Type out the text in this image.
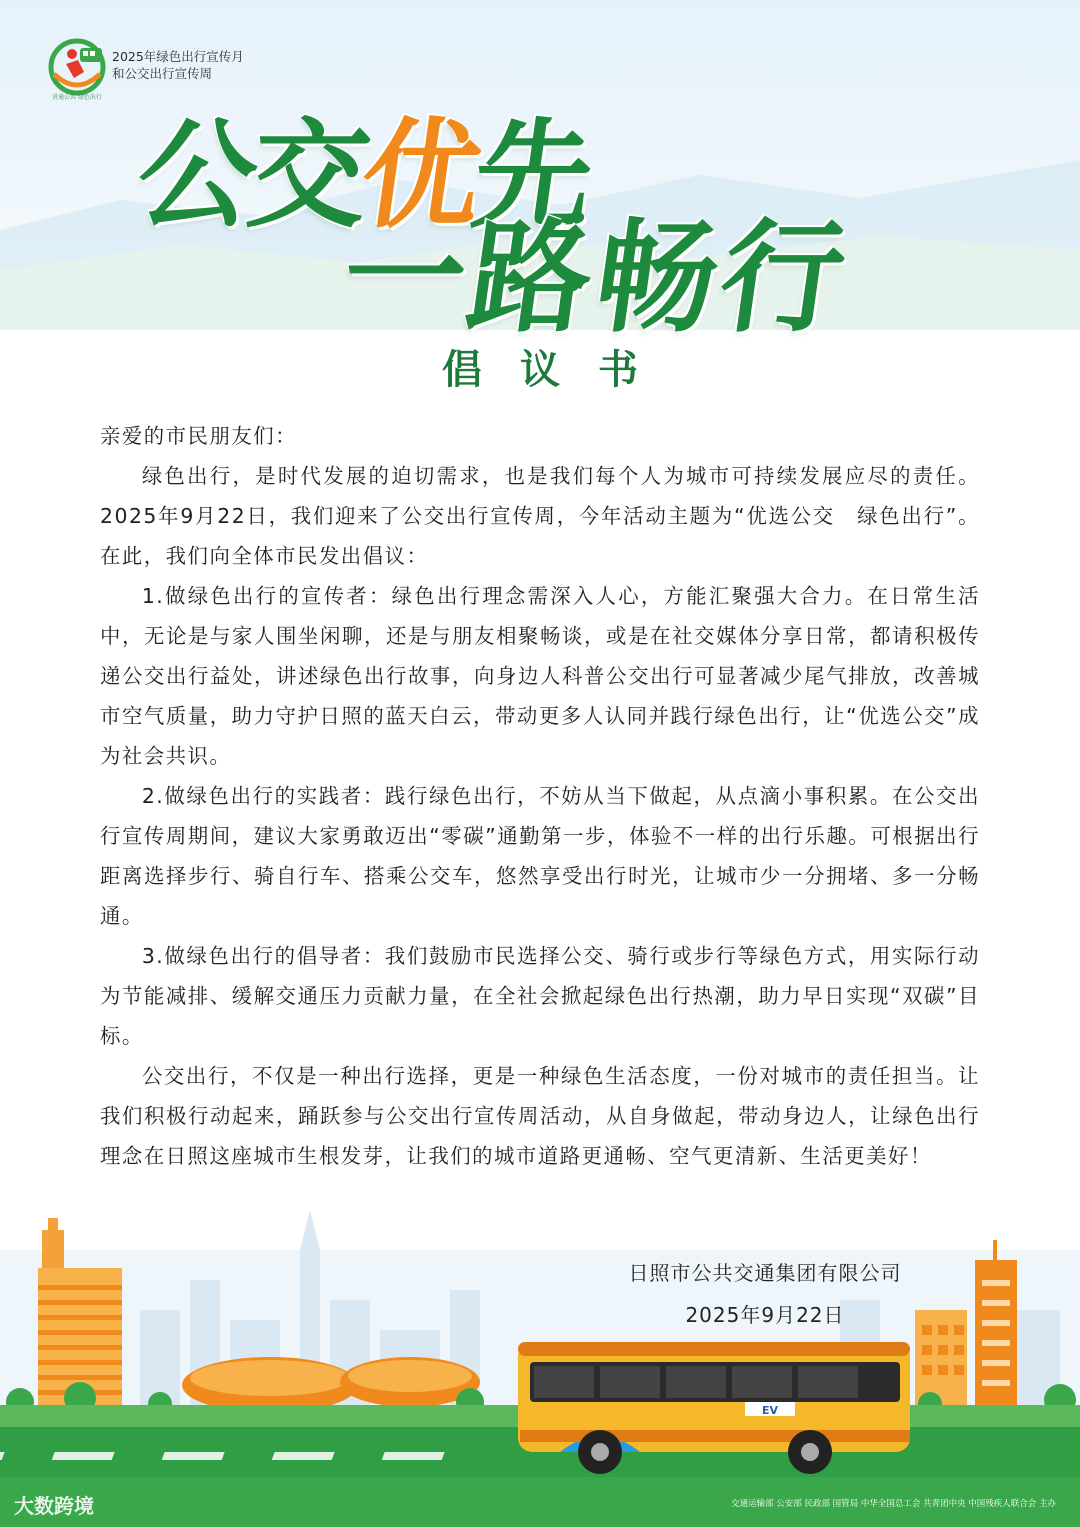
讲通公共 绿色出行
2025年绿色出行宣传月
和公交出行宣传周
公交优先
一路畅行
倡议书

亲爱的市民朋友们：

绿色出行，是时代发展的迫切需求，也是我们每个人为城市可持续发展应尽的责任。2025年9月22日，我们迎来了公交出行宣传周，今年活动主题为“优选公交　绿色出行”。在此，我们向全体市民发出倡议：

1.做绿色出行的宣传者：绿色出行理念需深入人心，方能汇聚强大合力。在日常生活中，无论是与家人围坐闲聊，还是与朋友相聚畅谈，或是在社交媒体分享日常，都请积极传递公交出行益处，讲述绿色出行故事，向身边人科普公交出行可显著减少尾气排放，改善城市空气质量，助力守护日照的蓝天白云，带动更多人认同并践行绿色出行，让“优选公交”成为社会共识。

2.做绿色出行的实践者：践行绿色出行，不妨从当下做起，从点滴小事积累。在公交出行宣传周期间，建议大家勇敢迈出“零碳”通勤第一步，体验不一样的出行乐趣。可根据出行距离选择步行、骑自行车、搭乘公交车，悠然享受出行时光，让城市少一分拥堵、多一分畅通。

3.做绿色出行的倡导者：我们鼓励市民选择公交、骑行或步行等绿色方式，用实际行动为节能减排、缓解交通压力贡献力量，在全社会掀起绿色出行热潮，助力早日实现“双碳”目标。

公交出行，不仅是一种出行选择，更是一种绿色生活态度，一份对城市的责任担当。让我们积极行动起来，踊跃参与公交出行宣传周活动，从自身做起，带动身边人，让绿色出行理念在日照这座城市生根发芽，让我们的城市道路更通畅、空气更清新、生活更美好！

EV
日照市公共交通集团有限公司
2025年9月22日
大数跨境	交通运输部 公安部 民政部 国管局 中华全国总工会 共青团中央 中国残疾人联合会 主办
